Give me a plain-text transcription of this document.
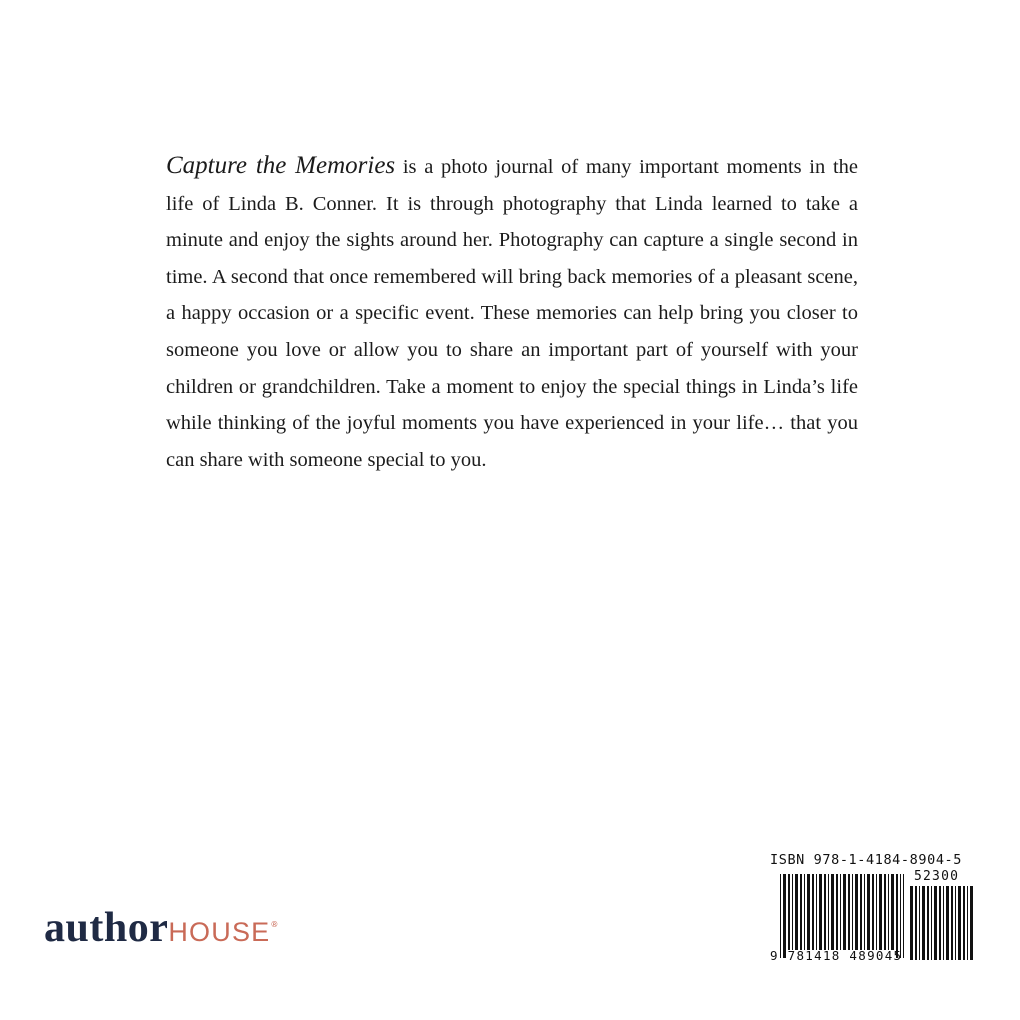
Capture the Memories is a photo journal of many important moments in the life of Linda B. Conner. It is through photography that Linda learned to take a minute and enjoy the sights around her. Photography can capture a single second in time. A second that once remembered will bring back memories of a pleasant scene, a happy occasion or a specific event. These memories can help bring you closer to someone you love or allow you to share an important part of yourself with your children or grandchildren. Take a moment to enjoy the special things in Linda’s life while thinking of the joyful moments you have experienced in your life… that you can share with someone special to you.

authorHOUSE®
ISBN 978-1-4184-8904-5
52300
9 781418 489045
